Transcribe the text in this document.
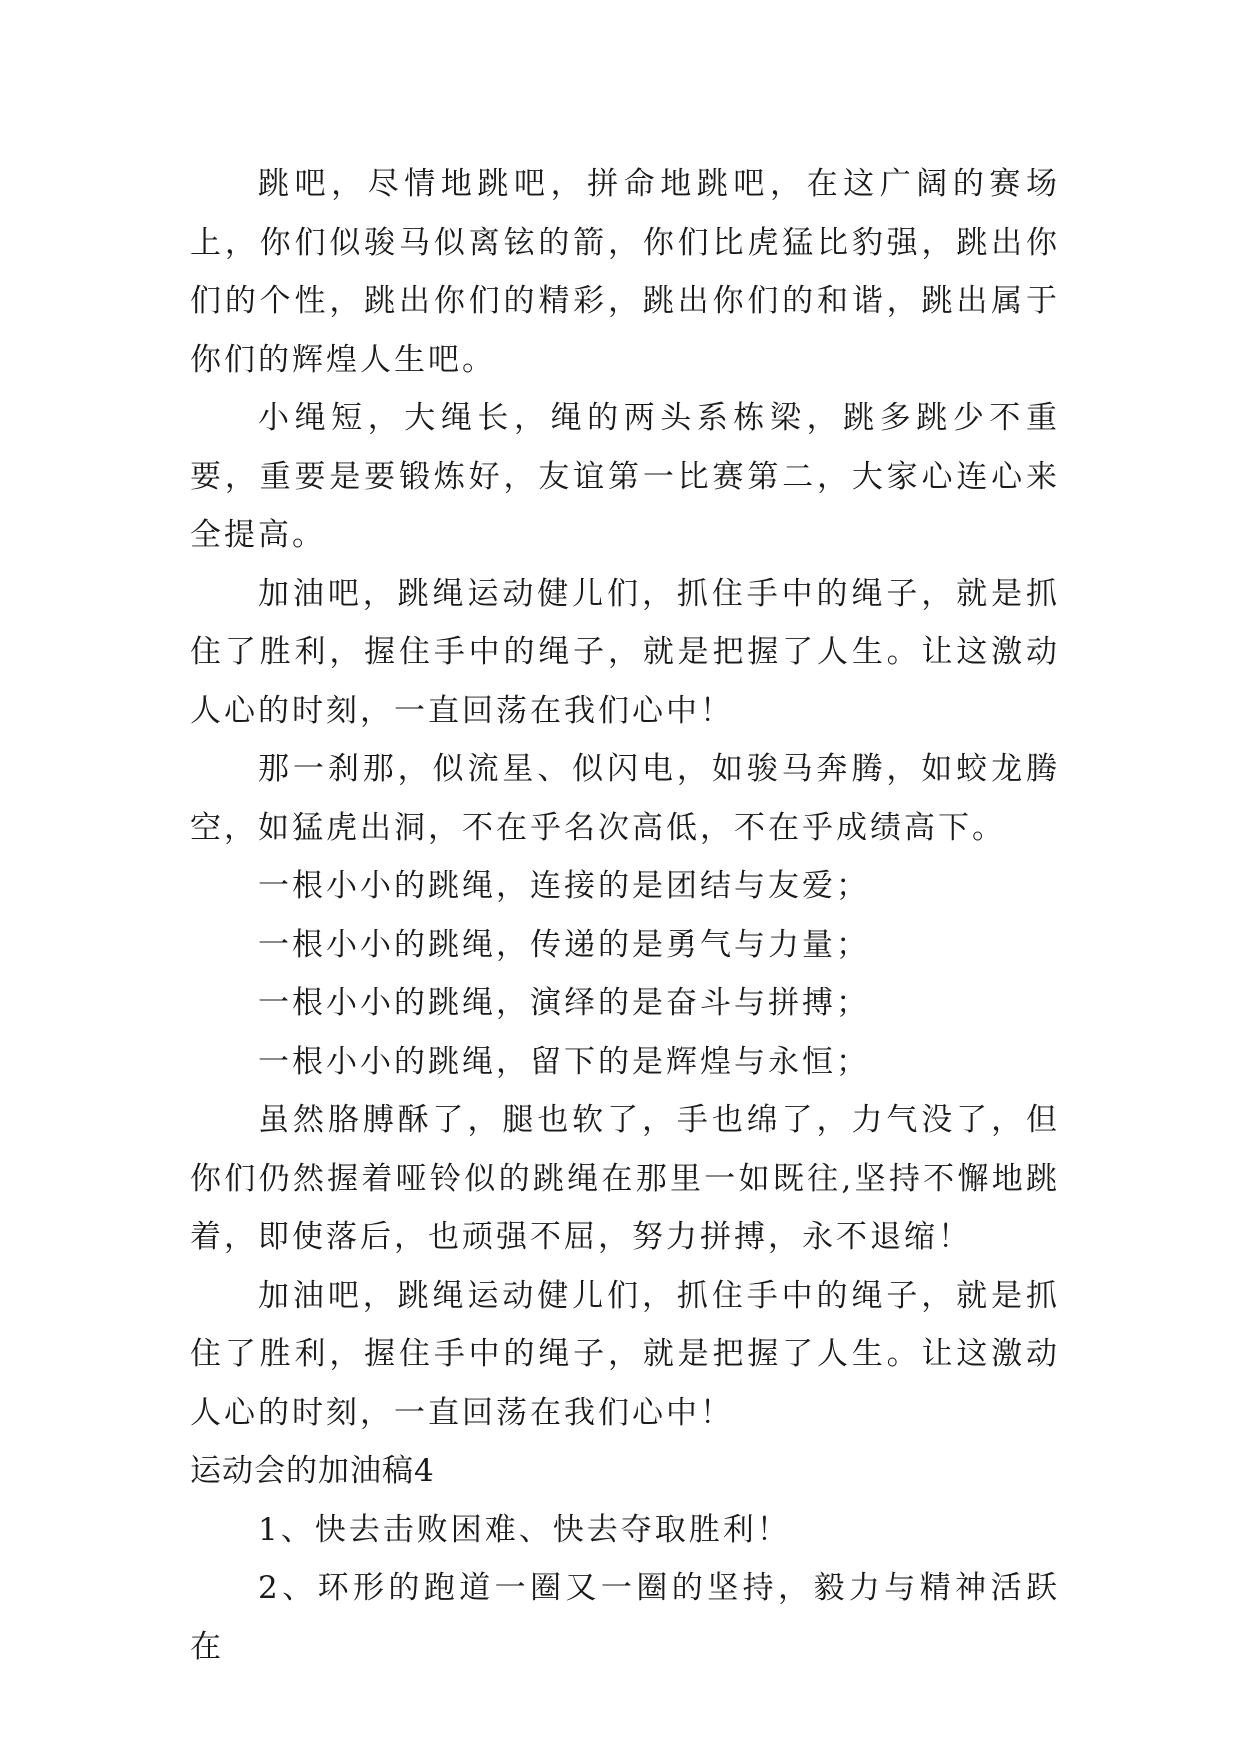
跳吧，尽情地跳吧，拼命地跳吧，在这广阔的赛场上，你们似骏马似离铉的箭，你们比虎猛比豹强，跳出你们的个性，跳出你们的精彩，跳出你们的和谐，跳出属于你们的辉煌人生吧。

小绳短，大绳长，绳的两头系栋梁，跳多跳少不重要，重要是要锻炼好，友谊第一比赛第二，大家心连心来全提高。

加油吧，跳绳运动健儿们，抓住手中的绳子，就是抓住了胜利，握住手中的绳子，就是把握了人生。让这激动人心的时刻，一直回荡在我们心中！

那一刹那，似流星、似闪电，如骏马奔腾，如蛟龙腾空，如猛虎出洞，不在乎名次高低，不在乎成绩高下。

一根小小的跳绳，连接的是团结与友爱；

一根小小的跳绳，传递的是勇气与力量；

一根小小的跳绳，演绎的是奋斗与拼搏；

一根小小的跳绳，留下的是辉煌与永恒；

虽然胳膊酥了，腿也软了，手也绵了，力气没了，但你们仍然握着哑铃似的跳绳在那里一如既往,坚持不懈地跳着，即使落后，也顽强不屈，努力拼搏，永不退缩！

加油吧，跳绳运动健儿们，抓住手中的绳子，就是抓住了胜利，握住手中的绳子，就是把握了人生。让这激动人心的时刻，一直回荡在我们心中！

运动会的加油稿4

1、快去击败困难、快去夺取胜利！

2、环形的跑道一圈又一圈的坚持，毅力与精神活跃在
